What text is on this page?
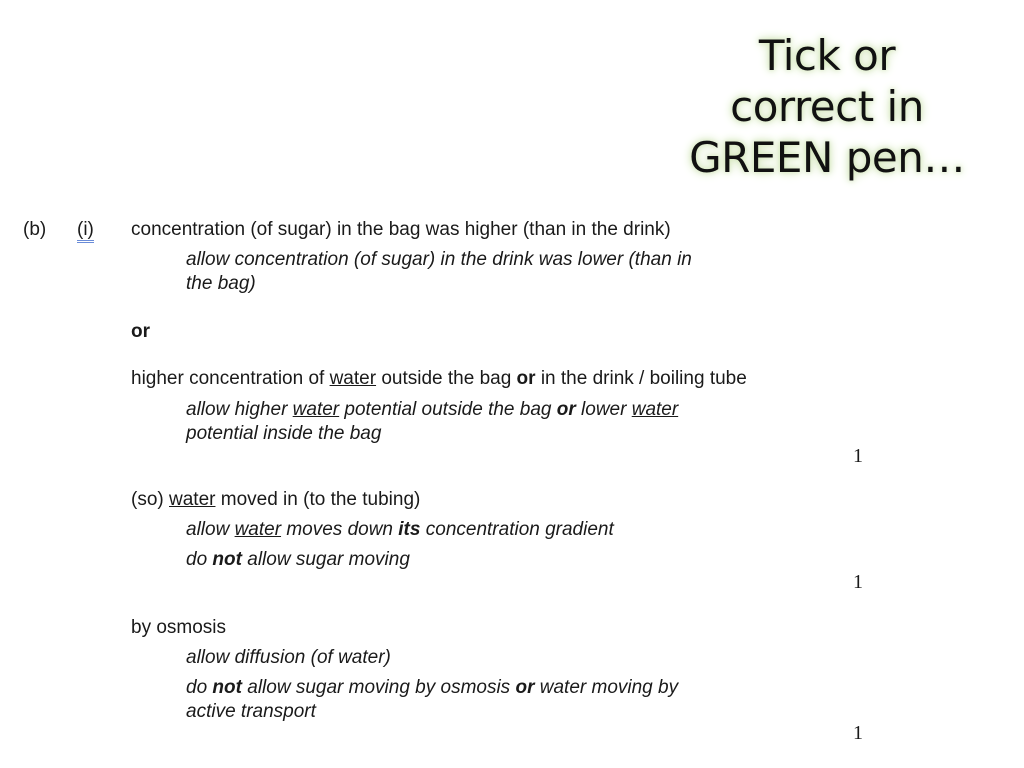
Tick or
correct in
GREEN pen…
(b) (i) concentration (of sugar) in the bag was higher (than in the drink)
allow concentration (of sugar) in the drink was lower (than in
the bag)
or
higher concentration of water outside the bag or in the drink / boiling tube
allow higher water potential outside the bag or lower water
potential inside the bag
1
(so) water moved in (to the tubing)
allow water moves down its concentration gradient
do not allow sugar moving
1
by osmosis
allow diffusion (of water)
do not allow sugar moving by osmosis or water moving by
active transport
1
